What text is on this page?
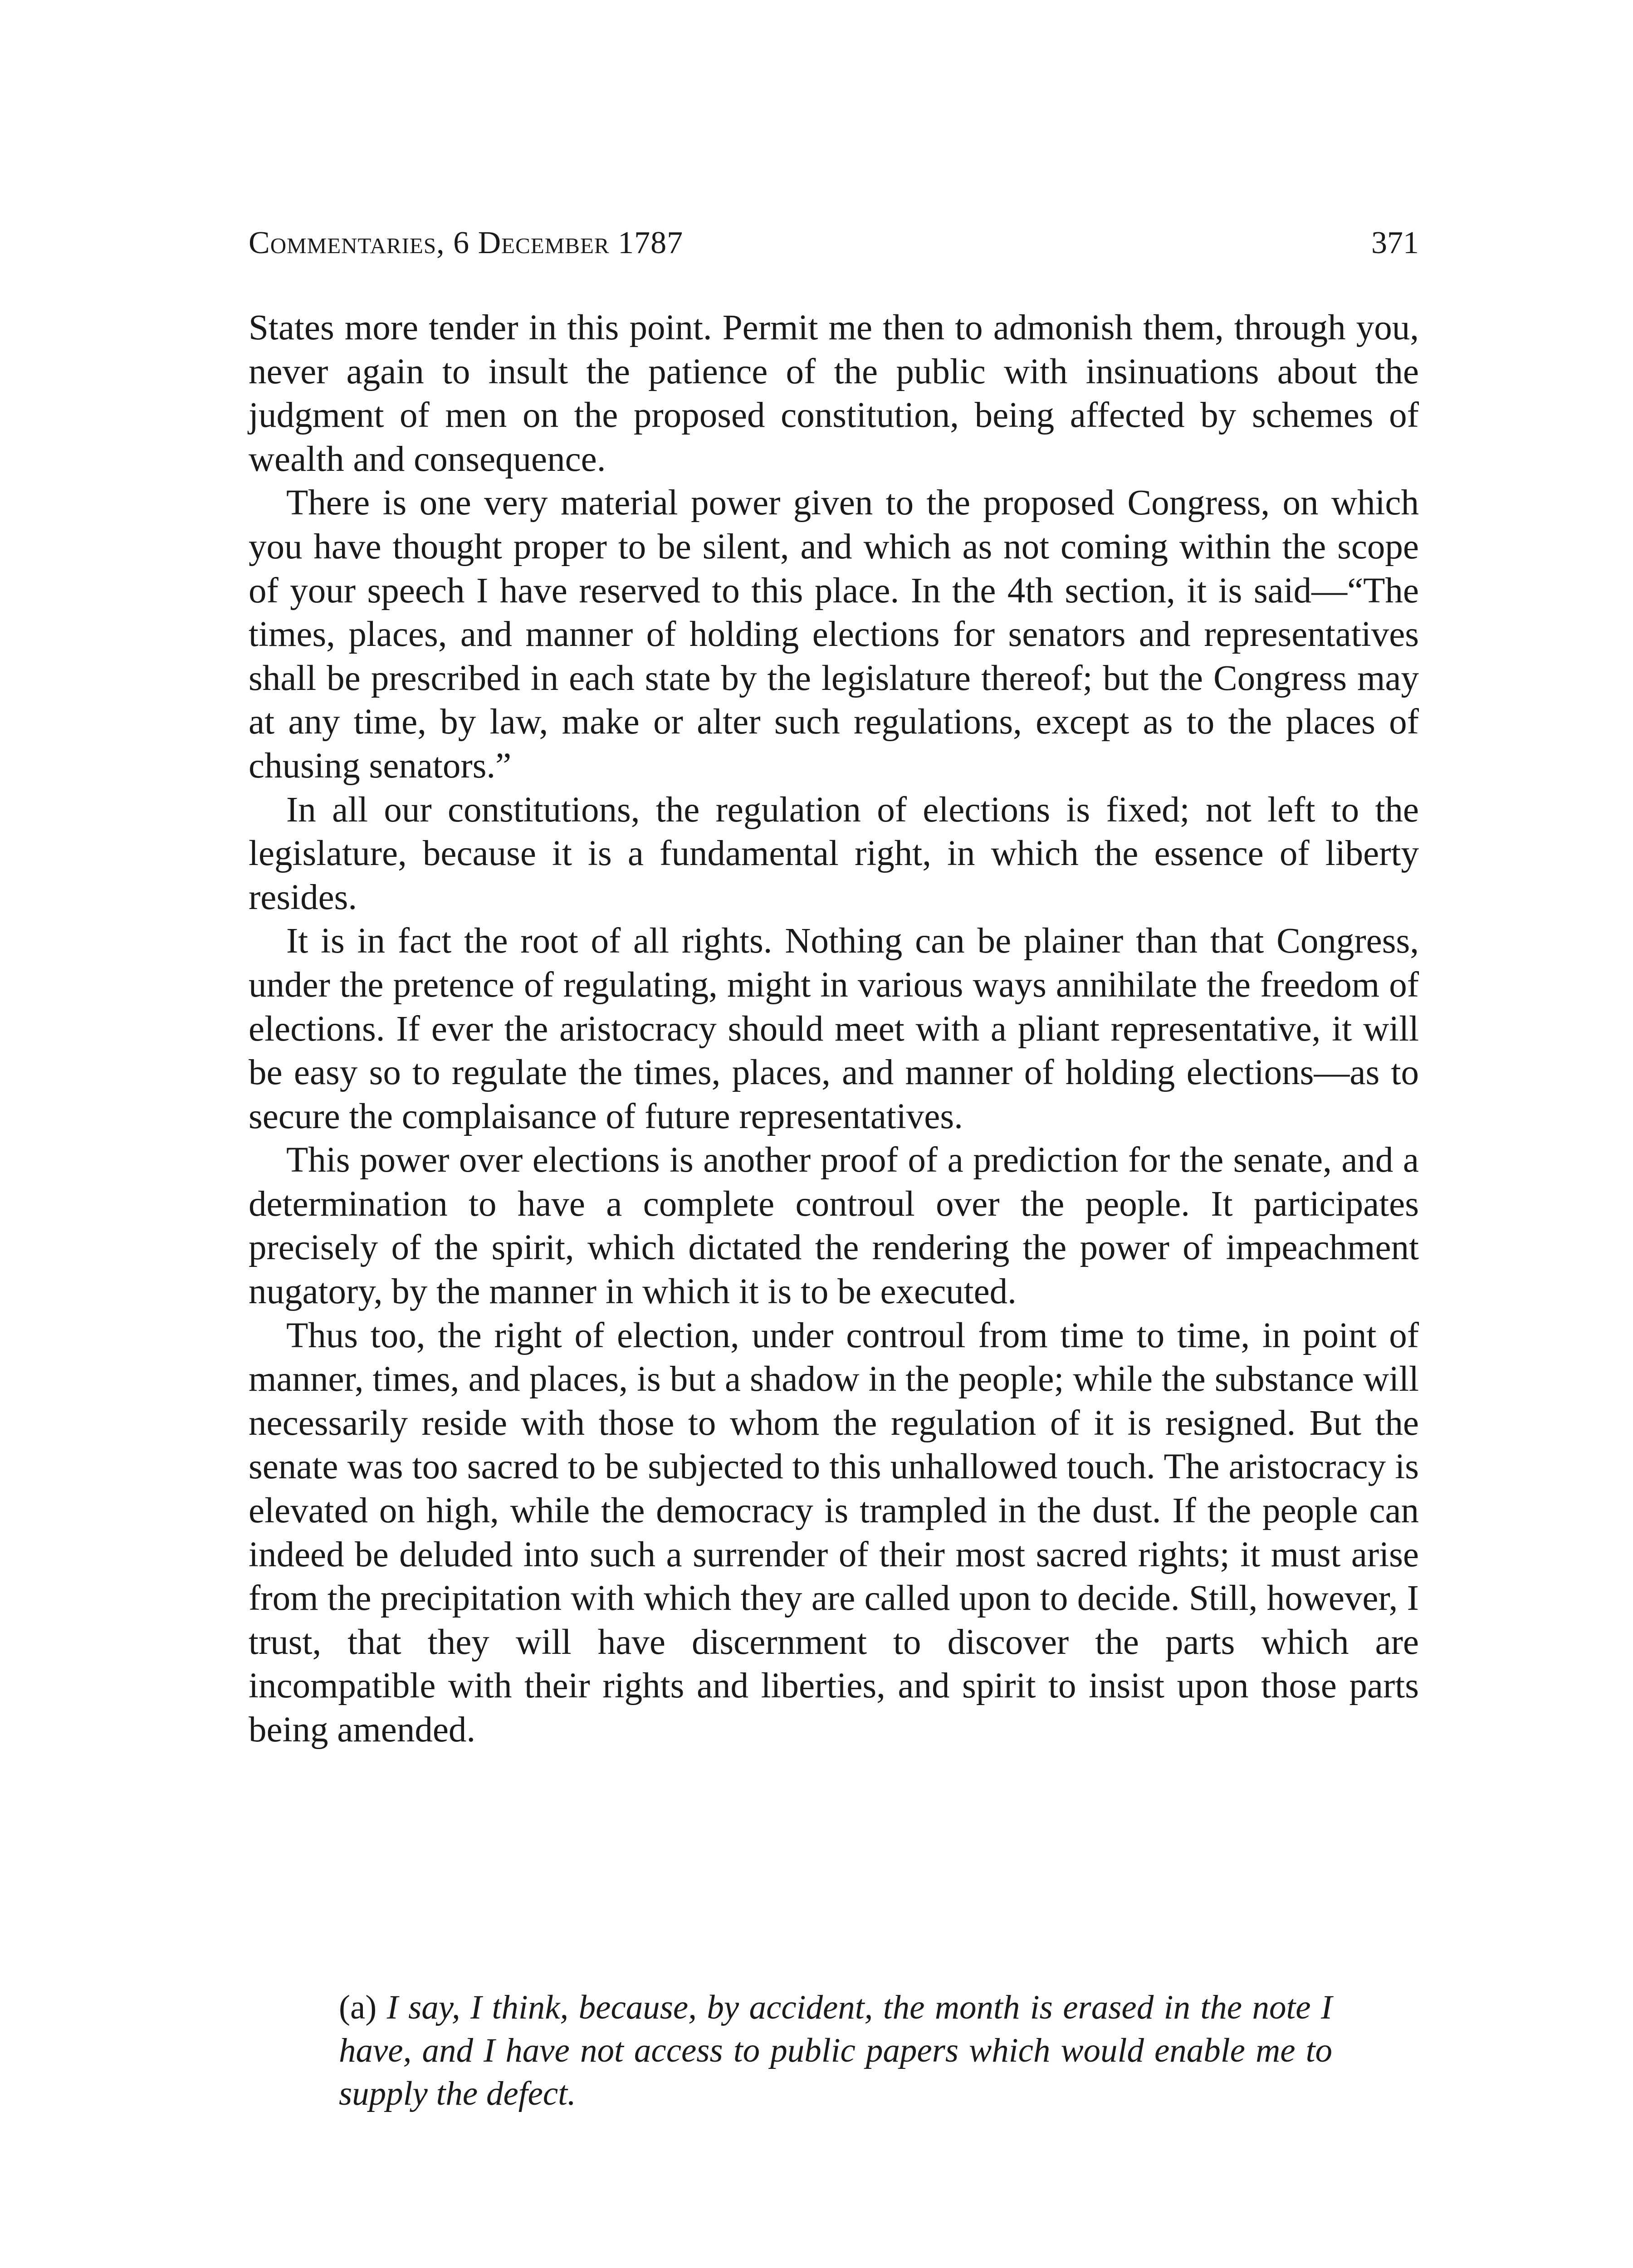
Commentaries, 6 December 1787	371

States more tender in this point. Permit me then to admonish them, through you, never again to insult the patience of the public with insinuations about the judgment of men on the proposed constitution, being affected by schemes of wealth and consequence.

There is one very material power given to the proposed Congress, on which you have thought proper to be silent, and which as not coming within the scope of your speech I have reserved to this place. In the 4th section, it is said—“The times, places, and manner of holding elections for senators and representatives shall be prescribed in each state by the legislature thereof; but the Congress may at any time, by law, make or alter such regulations, except as to the places of chusing senators.”

In all our constitutions, the regulation of elections is fixed; not left to the legislature, because it is a fundamental right, in which the essence of liberty resides.

It is in fact the root of all rights. Nothing can be plainer than that Congress, under the pretence of regulating, might in various ways annihilate the freedom of elections. If ever the aristocracy should meet with a pliant representative, it will be easy so to regulate the times, places, and manner of holding elections—as to secure the complaisance of future representatives.

This power over elections is another proof of a prediction for the senate, and a determination to have a complete controul over the people. It participates precisely of the spirit, which dictated the rendering the power of impeachment nugatory, by the manner in which it is to be executed.

Thus too, the right of election, under controul from time to time, in point of manner, times, and places, is but a shadow in the people; while the substance will necessarily reside with those to whom the regulation of it is resigned. But the senate was too sacred to be subjected to this unhallowed touch. The aristocracy is elevated on high, while the democracy is trampled in the dust. If the people can indeed be deluded into such a surrender of their most sacred rights; it must arise from the precipitation with which they are called upon to decide. Still, however, I trust, that they will have discernment to discover the parts which are incompatible with their rights and liberties, and spirit to insist upon those parts being amended.

(a) I say, I think, because, by accident, the month is erased in the note I have, and I have not access to public papers which would enable me to supply the defect.
